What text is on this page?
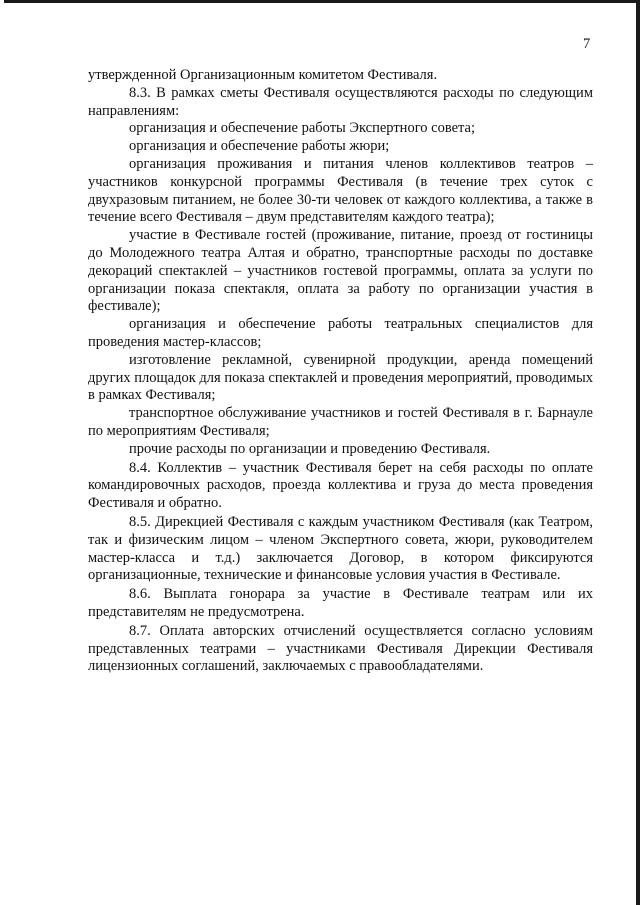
7

утвержденной Организационным комитетом Фестиваля.

8.3. В рамках сметы Фестиваля осуществляются расходы по следующим направлениям:

организация и обеспечение работы Экспертного совета;

организация и обеспечение работы жюри;

организация проживания и питания членов коллективов театров – участников конкурсной программы Фестиваля (в течение трех суток с двухразовым питанием, не более 30-ти человек от каждого коллектива, а также в течение всего Фестиваля – двум представителям каждого театра);

участие в Фестивале гостей (проживание, питание, проезд от гостиницы до Молодежного театра Алтая и обратно, транспортные расходы по доставке декораций спектаклей – участников гостевой программы, оплата за услуги по организации показа спектакля, оплата за работу по организации участия в фестивале);

организация и обеспечение работы театральных специалистов для проведения мастер-классов;

изготовление рекламной, сувенирной продукции, аренда помещений других площадок для показа спектаклей и проведения мероприятий, проводимых в рамках Фестиваля;

транспортное обслуживание участников и гостей Фестиваля в г. Барнауле по мероприятиям Фестиваля;

прочие расходы по организации и проведению Фестиваля.

8.4. Коллектив – участник Фестиваля берет на себя расходы по оплате командировочных расходов, проезда коллектива и груза до места проведения Фестиваля и обратно.

8.5. Дирекцией Фестиваля с каждым участником Фестиваля (как Театром, так и физическим лицом – членом Экспертного совета, жюри, руководителем мастер-класса и т.д.) заключается Договор, в котором фиксируются организационные, технические и финансовые условия участия в Фестивале.

8.6. Выплата гонорара за участие в Фестивале театрам или их представителям не предусмотрена.

8.7. Оплата авторских отчислений осуществляется согласно условиям представленных театрами – участниками Фестиваля Дирекции Фестиваля лицензионных соглашений, заключаемых с правообладателями.
